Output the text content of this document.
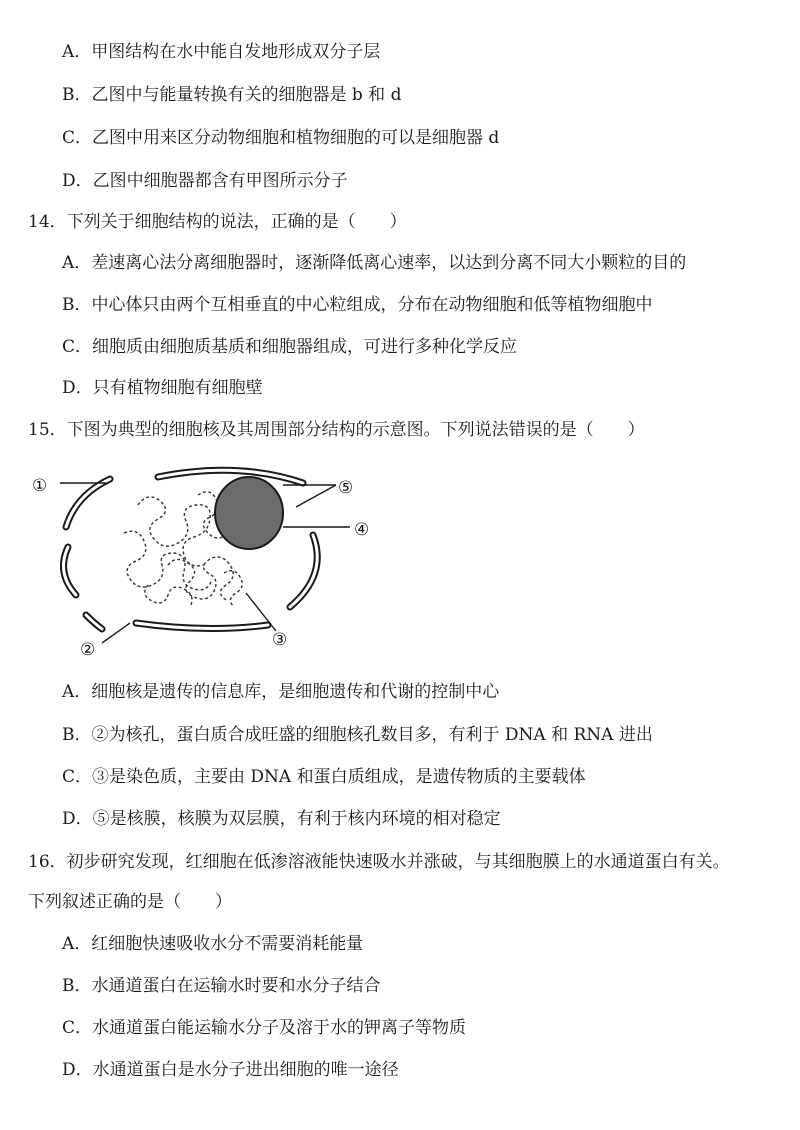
A．甲图结构在水中能自发地形成双分子层
B．乙图中与能量转换有关的细胞器是 b 和 d
C．乙图中用来区分动物细胞和植物细胞的可以是细胞器 d
D．乙图中细胞器都含有甲图所示分子
14．下列关于细胞结构的说法，正确的是（　　）
A．差速离心法分离细胞器时，逐渐降低离心速率，以达到分离不同大小颗粒的目的
B．中心体只由两个互相垂直的中心粒组成，分布在动物细胞和低等植物细胞中
C．细胞质由细胞质基质和细胞器组成，可进行多种化学反应
D．只有植物细胞有细胞壁
15．下图为典型的细胞核及其周围部分结构的示意图。下列说法错误的是（　　）
①
②	③
④
⑤
A．细胞核是遗传的信息库，是细胞遗传和代谢的控制中心
B．②为核孔，蛋白质合成旺盛的细胞核孔数目多，有利于 DNA 和 RNA 进出
C．③是染色质，主要由 DNA 和蛋白质组成，是遗传物质的主要载体
D．⑤是核膜，核膜为双层膜，有利于核内环境的相对稳定
16．初步研究发现，红细胞在低渗溶液能快速吸水并涨破，与其细胞膜上的水通道蛋白有关。
下列叙述正确的是（　　）
A．红细胞快速吸收水分不需要消耗能量
B．水通道蛋白在运输水时要和水分子结合
C．水通道蛋白能运输水分子及溶于水的钾离子等物质
D．水通道蛋白是水分子进出细胞的唯一途径
